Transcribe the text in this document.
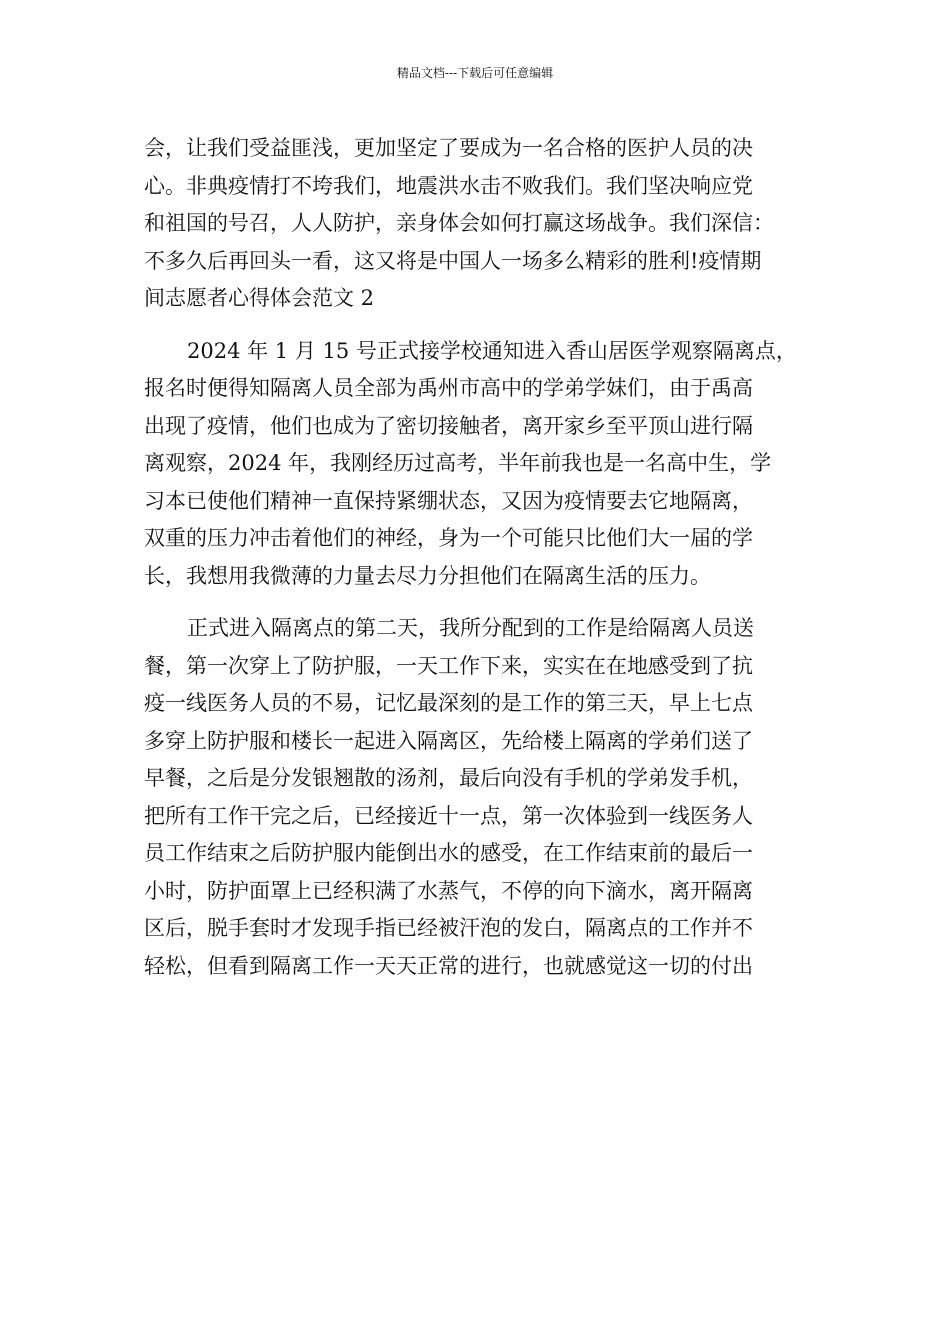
精品文档---下载后可任意编辑
会，让我们受益匪浅，更加坚定了要成为一名合格的医护人员的决
心。非典疫情打不垮我们，地震洪水击不败我们。我们坚决响应党
和祖国的号召，人人防护，亲身体会如何打赢这场战争。我们深信：
不多久后再回头一看，这又将是中国人一场多么精彩的胜利!疫情期
间志愿者心得体会范文 2
2024 年 1 月 15 号正式接学校通知进入香山居医学观察隔离点，
报名时便得知隔离人员全部为禹州市高中的学弟学妹们，由于禹高
出现了疫情，他们也成为了密切接触者，离开家乡至平顶山进行隔
离观察，2024 年，我刚经历过高考，半年前我也是一名高中生，学
习本已使他们精神一直保持紧绷状态，又因为疫情要去它地隔离，
双重的压力冲击着他们的神经，身为一个可能只比他们大一届的学
长，我想用我微薄的力量去尽力分担他们在隔离生活的压力。
正式进入隔离点的第二天，我所分配到的工作是给隔离人员送
餐，第一次穿上了防护服，一天工作下来，实实在在地感受到了抗
疫一线医务人员的不易，记忆最深刻的是工作的第三天，早上七点
多穿上防护服和楼长一起进入隔离区，先给楼上隔离的学弟们送了
早餐，之后是分发银翘散的汤剂，最后向没有手机的学弟发手机，
把所有工作干完之后，已经接近十一点，第一次体验到一线医务人
员工作结束之后防护服内能倒出水的感受，在工作结束前的最后一
小时，防护面罩上已经积满了水蒸气，不停的向下滴水，离开隔离
区后，脱手套时才发现手指已经被汗泡的发白，隔离点的工作并不
轻松，但看到隔离工作一天天正常的进行，也就感觉这一切的付出
